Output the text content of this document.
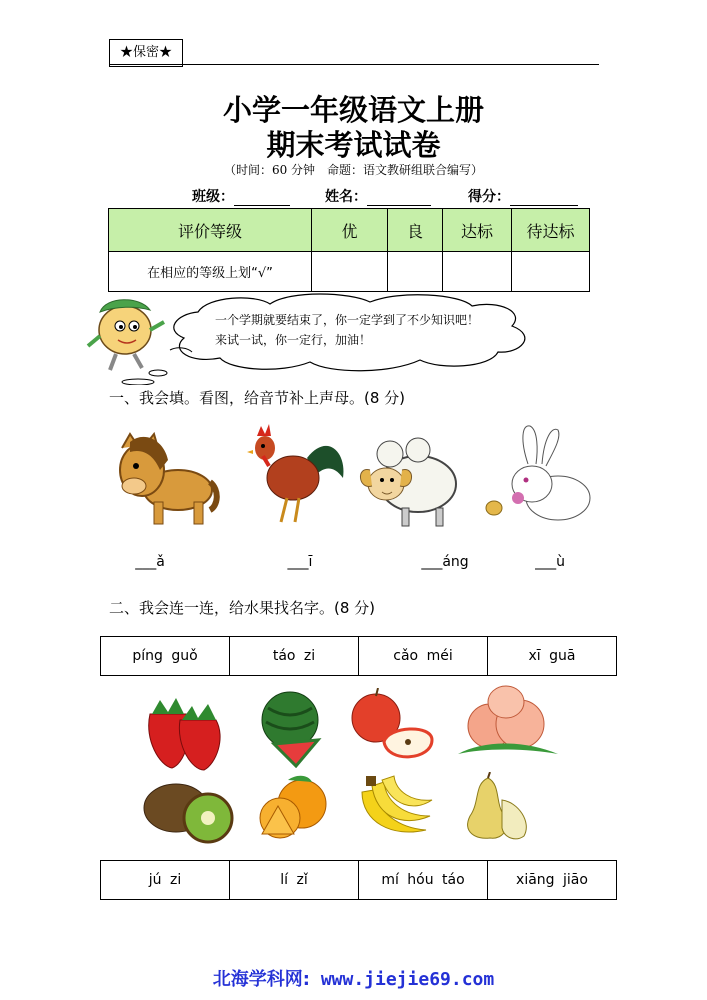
★保密★
小学一年级语文上册
期末考试试卷
（时间：60 分钟　命题：语文教研组联合编写）
班级：	姓名：	得分：
评价等级	优	良	达标	待达标
在相应的等级上划“√”				
一个学期就要结束了，你一定学到了不少知识吧！
来试一试，你一定行，加油！
一、我会填。看图，给音节补上声母。(8 分)
___ǎ	___ī	___áng	___ù
二、我会连一连，给水果找名字。(8 分)
píng guǒ	táo zi	cǎo méi	xī guā
jú zi	lí zǐ	mí hóu táo	xiāng jiāo
北海学科网: www.jiejie69.com
